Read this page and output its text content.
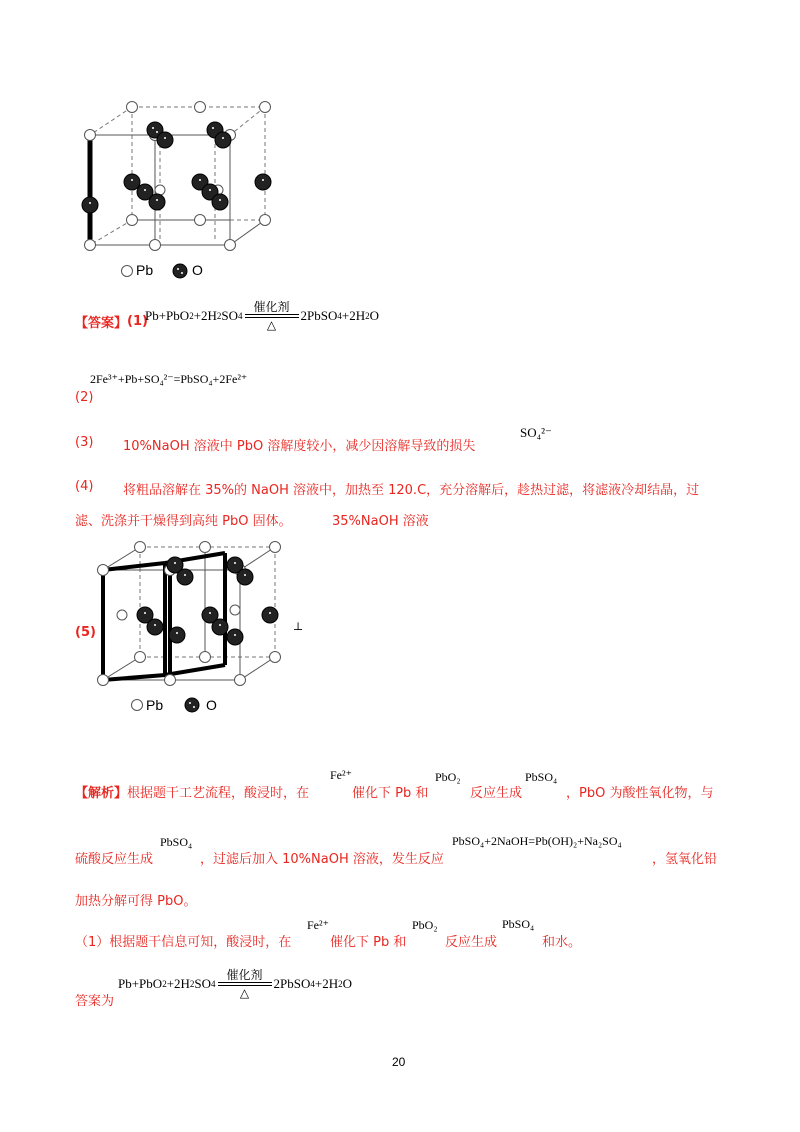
Pb	O
【答案】 (1)
Pb+PbO 2 +2H 2 SO 4
催化剂
△
2PbSO 4 +2H 2 O
(2)
2Fe³⁺+Pb+SO₄²⁻=PbSO₄+2Fe²⁺
(3) 10%NaOH 溶液中 PbO 溶解度较小，减少因溶解导致的损失
SO₄²⁻
(4) 将粗品溶解在 35%的 NaOH 溶液中，加热至 120.C，充分溶解后，趁热过滤，将滤液冷却结晶，过
滤、洗涤并干燥得到高纯 PbO 固体。	35%NaOH 溶液
(5)
Pb	O
⊥
【解析】根据题干工艺流程，酸浸时，在
Fe²⁺
催化下 Pb 和
PbO₂
反应生成
PbSO₄
，PbO 为酸性氧化物，与
硫酸反应生成
PbSO₄
，过滤后加入 10%NaOH 溶液，发生反应
PbSO₄+2NaOH=Pb(OH)₂+Na₂SO₄
，氢氧化铅
加热分解可得 PbO。
（1）根据题干信息可知，酸浸时，在
Fe²⁺
催化下 Pb 和
PbO₂
反应生成
PbSO₄
和水。
答案为
Pb+PbO 2 +2H 2 SO 4
催化剂
△
2PbSO 4 +2H 2 O
20
